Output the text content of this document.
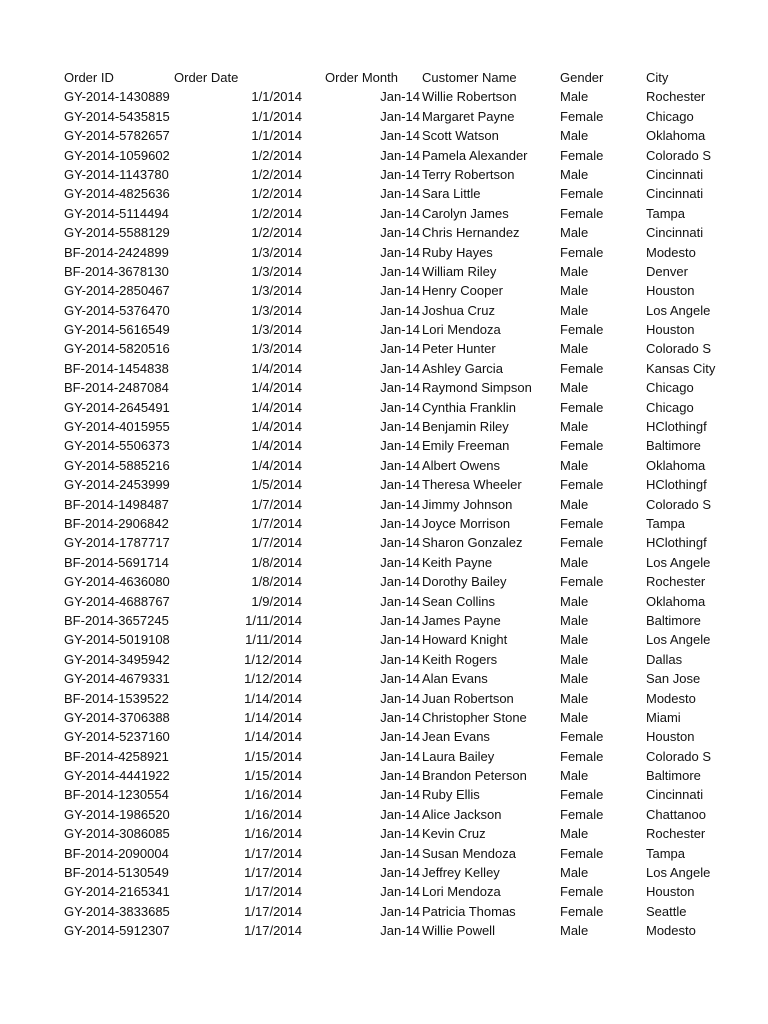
Order ID	Order Date	Order Month	Customer Name	Gender	City
GY-2014-1430889	1/1/2014	Jan-14 Willie Robertson	Male	Rochester
GY-2014-5435815	1/1/2014	Jan-14 Margaret Payne	Female	Chicago
GY-2014-5782657	1/1/2014	Jan-14 Scott Watson	Male	Oklahoma
GY-2014-1059602	1/2/2014	Jan-14 Pamela Alexander	Female	Colorado S
GY-2014-1143780	1/2/2014	Jan-14 Terry Robertson	Male	Cincinnati
GY-2014-4825636	1/2/2014	Jan-14 Sara Little	Female	Cincinnati
GY-2014-5114494	1/2/2014	Jan-14 Carolyn James	Female	Tampa
GY-2014-5588129	1/2/2014	Jan-14 Chris Hernandez	Male	Cincinnati
BF-2014-2424899	1/3/2014	Jan-14 Ruby Hayes	Female	Modesto
BF-2014-3678130	1/3/2014	Jan-14 William Riley	Male	Denver
GY-2014-2850467	1/3/2014	Jan-14 Henry Cooper	Male	Houston
GY-2014-5376470	1/3/2014	Jan-14 Joshua Cruz	Male	Los Angele
GY-2014-5616549	1/3/2014	Jan-14 Lori Mendoza	Female	Houston
GY-2014-5820516	1/3/2014	Jan-14 Peter Hunter	Male	Colorado S
BF-2014-1454838	1/4/2014	Jan-14 Ashley Garcia	Female	Kansas City
BF-2014-2487084	1/4/2014	Jan-14 Raymond Simpson	Male	Chicago
GY-2014-2645491	1/4/2014	Jan-14 Cynthia Franklin	Female	Chicago
GY-2014-4015955	1/4/2014	Jan-14 Benjamin Riley	Male	HClothingf
GY-2014-5506373	1/4/2014	Jan-14 Emily Freeman	Female	Baltimore
GY-2014-5885216	1/4/2014	Jan-14 Albert Owens	Male	Oklahoma
GY-2014-2453999	1/5/2014	Jan-14 Theresa Wheeler	Female	HClothingf
BF-2014-1498487	1/7/2014	Jan-14 Jimmy Johnson	Male	Colorado S
BF-2014-2906842	1/7/2014	Jan-14 Joyce Morrison	Female	Tampa
GY-2014-1787717	1/7/2014	Jan-14 Sharon Gonzalez	Female	HClothingf
BF-2014-5691714	1/8/2014	Jan-14 Keith Payne	Male	Los Angele
GY-2014-4636080	1/8/2014	Jan-14 Dorothy Bailey	Female	Rochester
GY-2014-4688767	1/9/2014	Jan-14 Sean Collins	Male	Oklahoma
BF-2014-3657245	1/11/2014	Jan-14 James Payne	Male	Baltimore
GY-2014-5019108	1/11/2014	Jan-14 Howard Knight	Male	Los Angele
GY-2014-3495942	1/12/2014	Jan-14 Keith Rogers	Male	Dallas
GY-2014-4679331	1/12/2014	Jan-14 Alan Evans	Male	San Jose
BF-2014-1539522	1/14/2014	Jan-14 Juan Robertson	Male	Modesto
GY-2014-3706388	1/14/2014	Jan-14 Christopher Stone	Male	Miami
GY-2014-5237160	1/14/2014	Jan-14 Jean Evans	Female	Houston
BF-2014-4258921	1/15/2014	Jan-14 Laura Bailey	Female	Colorado S
GY-2014-4441922	1/15/2014	Jan-14 Brandon Peterson	Male	Baltimore
BF-2014-1230554	1/16/2014	Jan-14 Ruby Ellis	Female	Cincinnati
GY-2014-1986520	1/16/2014	Jan-14 Alice Jackson	Female	Chattanoo
GY-2014-3086085	1/16/2014	Jan-14 Kevin Cruz	Male	Rochester
BF-2014-2090004	1/17/2014	Jan-14 Susan Mendoza	Female	Tampa
BF-2014-5130549	1/17/2014	Jan-14 Jeffrey Kelley	Male	Los Angele
GY-2014-2165341	1/17/2014	Jan-14 Lori Mendoza	Female	Houston
GY-2014-3833685	1/17/2014	Jan-14 Patricia Thomas	Female	Seattle
GY-2014-5912307	1/17/2014	Jan-14 Willie Powell	Male	Modesto
